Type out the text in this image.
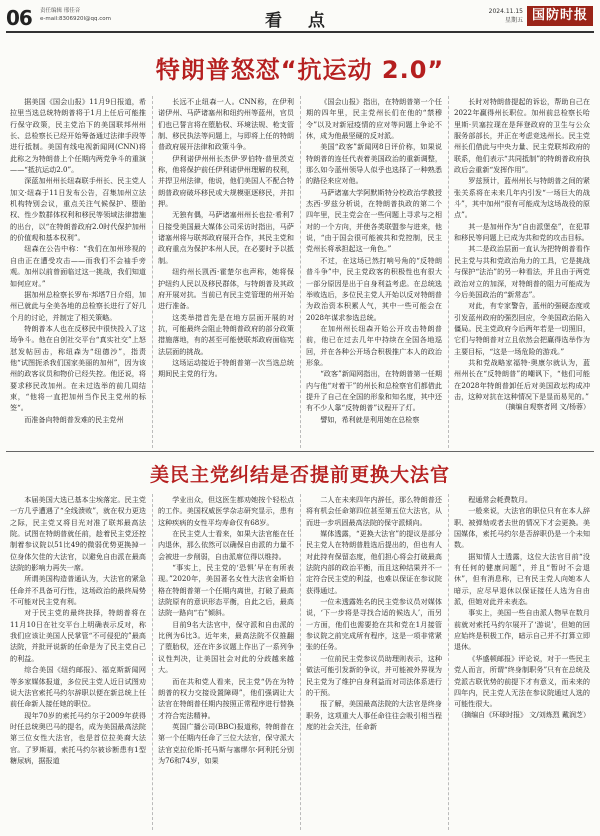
06 责任编辑 邢佳音
e-mail:8306920l@qq.com	看 点	2024.11.15
星期五 国防时报
特朗普怒怼“抗运动 2.0”

据美国《国会山报》11月9日报道，希拉里当选总统特朗普将于1月上任后可能推行保守政策，民主党治下的美国联邦州州长、总检察长已经开始筹备通过法律手段等进行抵制。美国有线电视新闻网(CNN)将此称之为特朗普上个任期内两党争斗的重演——“抵抗运动2.0”。

深蓝加州州长纽森联手州长、民主党人加文·纽森于11日发布公告，召集加州立法机构特别会议，重点关注气候保护、堕胎权、性少数群体权利和移民等领域法律措施的出台，以“在特朗普政府2.0时代保护加州的价值观和基本权利”。

纽森在公告中称：“我们在加州珍视的自由正在遭受攻击——而我们不会袖手旁观。加州以前曾面临过这一挑战，我们知道如何应对。”

据加州总检察长罗布·邦塔7日介绍，加州已就此与全美各地的总检察长进行了好几个月的讨论，并制定了相关策略。

特朗普本人也在反移民中很快投入了这场争斗。他在自创社交平台“真实社交”上怒怼发帖回击，称纽森为“纽德沙”，指责他“试图扼杀我们国家美丽的加州”，因为该州的政客议员和物价已经失控。他还说，将要求移民改加州。在未过选举的前几周结束，“他将一直把加州当作民主党州的标签“。

而准备向特朗普发难的民主党州

长远不止纽森一人。CNN称，在伊利诺伊州、马萨诸塞州和纽约州等蓝州，官员们也已誓言将在堕胎权、环境法规、枪支管制、移民执法等问题上，与即将上任的特朗普政府展开法律和政策斗争。

伊利诺伊州州长杰伊·罗伯特·普里茨克称，他将保护前任伊利诺伊州理解的权利，并捍卫州法律，他说，他们美国人不配合特朗普政府破坏移民或大规模驱逐移民，并扣押。

无独有偶，马萨诸塞州州长也拉·希利7日接受美国最大媒体公司采访时指出，马萨诸塞州将与联邦政府展开合作，其民主党和政府重点为保护本州人民，在必要时予以抵制。

纽约州长凯西·霍楚尔也声称，她将保护纽约人民以及移民群体，与特朗普及其政府开展对抗。当前已有民主党管理的州开始进行准备。

这类举措首先是在地方层面开展的对抗，可能最终会阻止特朗普政府的部分政策措施落地，有的甚至可能使联邦政府面临宪法层面的挑战。

这场运动接近于特朗普第一次当选总统期间民主党的行为。

《国会山报》指出，在特朗普第一个任期的四年里，民主党州长们在他的“禁穆令”以及对新冠疫情的应对等问题上争论不休，成为他最坚硬的反对派。

美国“政客”新闻网8日评价称，如果说特朗普的连任代表着美国政治的重新调整，那么如今蓝州领导人似乎也选择了一种熟悉的路径来应对他。

马萨诸塞大学阿默斯特分校政治学教授杰西·罗兹分析说，在特朗普执政的第二个四年里，民主党会在一些问题上寻求与之相对的一个方向，并使各类联盟参与进来，他说，“由于国会很可能被共和党控制，民主党州长将承担起这一角色。”

不过，在这场已然打响号角的“反特朗普斗争”中，民主党政客的积极性也有很大一部分原因是出于自身利益考虑。在总统选举败选后，多位民主党人开始以反对特朗普为政治资本积累人气，其中一些可能会在2028年谋求参选总统。

在加州州长纽森开始公开攻击特朗普前，他已在过去几年中持续在全国各地巡回，并在各种公开场合积极推广本人的政治形象。

“政客”新闻网指出，在特朗普第一任期内与他“对着干”的州长和总检察官们都借此提升了自己在全国的形象和知名度，其中还有不少人靠“反特朗普”议程开了灯。

譬如，希利就是利用她在总检察

长时对特朗普提起的诉讼，帮助自己在2022年赢得州长职位。加州前总检察长哈里斯·贝塞拉现在是拜登政府的卫生与公众服务部部长，并正在考虑竞选州长。民主党州长们借此与中央力量、民主党联邦政府的联系，他们表示“共同抵制”的特朗普政府执政后会重新“发挥作用”。

罗兹预计，蓝州州长与特朗普之间的紧张关系将在未来几年内引发“一场巨大的战斗”，其中加州“很有可能成为这场战役的原点”。

其一是加州作为“自由派堡垒”，在犯罪和移民等问题上已成为共和党的攻击目标。

其二是政治层面一直认为把特朗普看作民主党与共和党政治角力的工具，它是挑战与保护“法治”的另一种看法，并且由于两党政治对立的加深，对特朗普的阻力可能成为今后美国政治的“新常态”。

对此，有专家警告，蓝州的强硬态度或引发蓝州政府的强烈回应，令美国政治陷入僵局。民主党政府今后两年若是一切照旧，它们与特朗普对立且依然会把赢得选举作为主要目标，“这是一场危险的游戏。”

共和党战略家福特·奥康尔就认为，蓝州州长在“反特朗普”的嘲讽下，“他们可能在2028年特朗普卸任后对美国政坛构成冲击，这种对抗在这种情况下是显而易见的。”

（摘编自观察者网 文/杨蓉）
美民主党纠结是否提前更换大法官

本届美国大选已基本尘埃落定。民主党一方几乎遭遇了“全线溃败”，就在权力更迭之际，民主党又将目光对准了联邦最高法院。试图在特朗普就任前，趁着民主党还控制着参议院以51比49的微弱优势更换掉一位身体欠佳的大法官，以避免自由派在最高法院的影响力再失一席。

所谓美国构造普通认为，大法官的紧急任命并不具备可行性，这场政治的最终局势不可能对民主党有利。

对于民主党的最终抉择，特朗普将在11月10日在社交平台上明确表示反对，称我们应该让美国人民掌管“不可侵犯的”最高法院，并批评说新的任命是为了民主党自己的利益。

综合美国《纽约邮报》、福克斯新闻网等多家媒体报道，多位民主党人近日试图劝说大法官索托马约尔辞职以便在新总统上任前任命新人接任她的职位。

现年70岁的索托马约尔于2009年获得时任总统奥巴马的提名，成为美国最高法院第三位女性大法官，也是首位拉美裔大法官。了罗斯福，索托马约尔被诊断患有1型糖尿病，据报道

学业出众，但这医生都劝她按个轻松点的工作。美国权威医学杂志研究显示，患有这种疾病的女性平均寿命仅有68岁。

在民主党人士看来，如果大法官能在任内退休，那么依然可以确保自由派的力量不会被进一步削弱，自由派席位得以维持。

“事实上，民主党的‘恐惧’早在有所表现。”2020年，美国著名女性大法官金斯伯格在特朗普第一个任期内离世，打破了最高法院原有的意识形态平衡，自此之后，最高法院一路向“右”倾斜。

目前9名大法官中，保守派和自由派的比例为6比3。近年来，最高法院不仅推翻了堕胎权，还在许多议题上作出了一系列争议性判决，让美国社会对此的分歧越来越大。

而在共和党人看来，民主党“仍在为特朗普的权力交接设置障碍”，他们强调让大法官在特朗普任期内按照正常程序进行替换才符合宪法精神。

英国广播公司(BBC)报道称，特朗普在第一个任期内任命了三位大法官，保守派大法官克拉伦斯·托马斯与塞缪尔·阿利托分别为76和74岁，如果

二人在未来四年内辞任，那么特朗普还将有机会任命第四位甚至第五位大法官，从而进一步巩固最高法院的保守派倾向。

媒体透露，“更换大法官”的提议是部分民主党人在特朗普胜选后提出的，但也有人对此持有保留态度，他们担心将会打破最高法院内部的政治平衡，而且这种结果并不一定符合民主党的利益，也难以保证在参议院获得通过。

一位未透露姓名的民主党参议员对媒体说，‘下一步将是寻找合适的候选人’，而另一方面，他们也需要抢在共和党在1月接管参议院之前完成所有程序，这是一项非常紧张的任务。

一位前民主党参议员助理则表示，这种做法可能引发新的争议，并可能被外界视为民主党为了维护自身利益而对司法体系进行的干预。

报了解，美国最高法院的大法官是终身职务，这项重大人事任命往往会吸引相当程度的社会关注，任命新

程通常会耗费数月。

一般来说，大法官的职位只有在本人辞职、被弹劾或者去世的情况下才会更换。美国媒体，索托马约尔是否辞职仍是一个未知数。

据知情人士透露，这位大法官目前“没有任何的健康问题”，并且“暂时不会退休”，但有消息称，已有民主党人向她本人暗示，应尽早退休以保证接任人选为自由派，但她对此并未表态。

事实上，美国一些自由派人物早在数月前就对索托马约尔展开了‘游说’，但她的回应始终是积极工作，暗示自己并不打算立即退休。

《华盛顿邮报》评论说，对于一些民主党人而言，所谓“终身制职务”只有在总统及党派古联优势的前提下才有意义，而未来的四年内，民主党人无法在参议院通过人选的可能性很大。

（摘编自《环球时报》 文/刘炼烈 戴润芝）
